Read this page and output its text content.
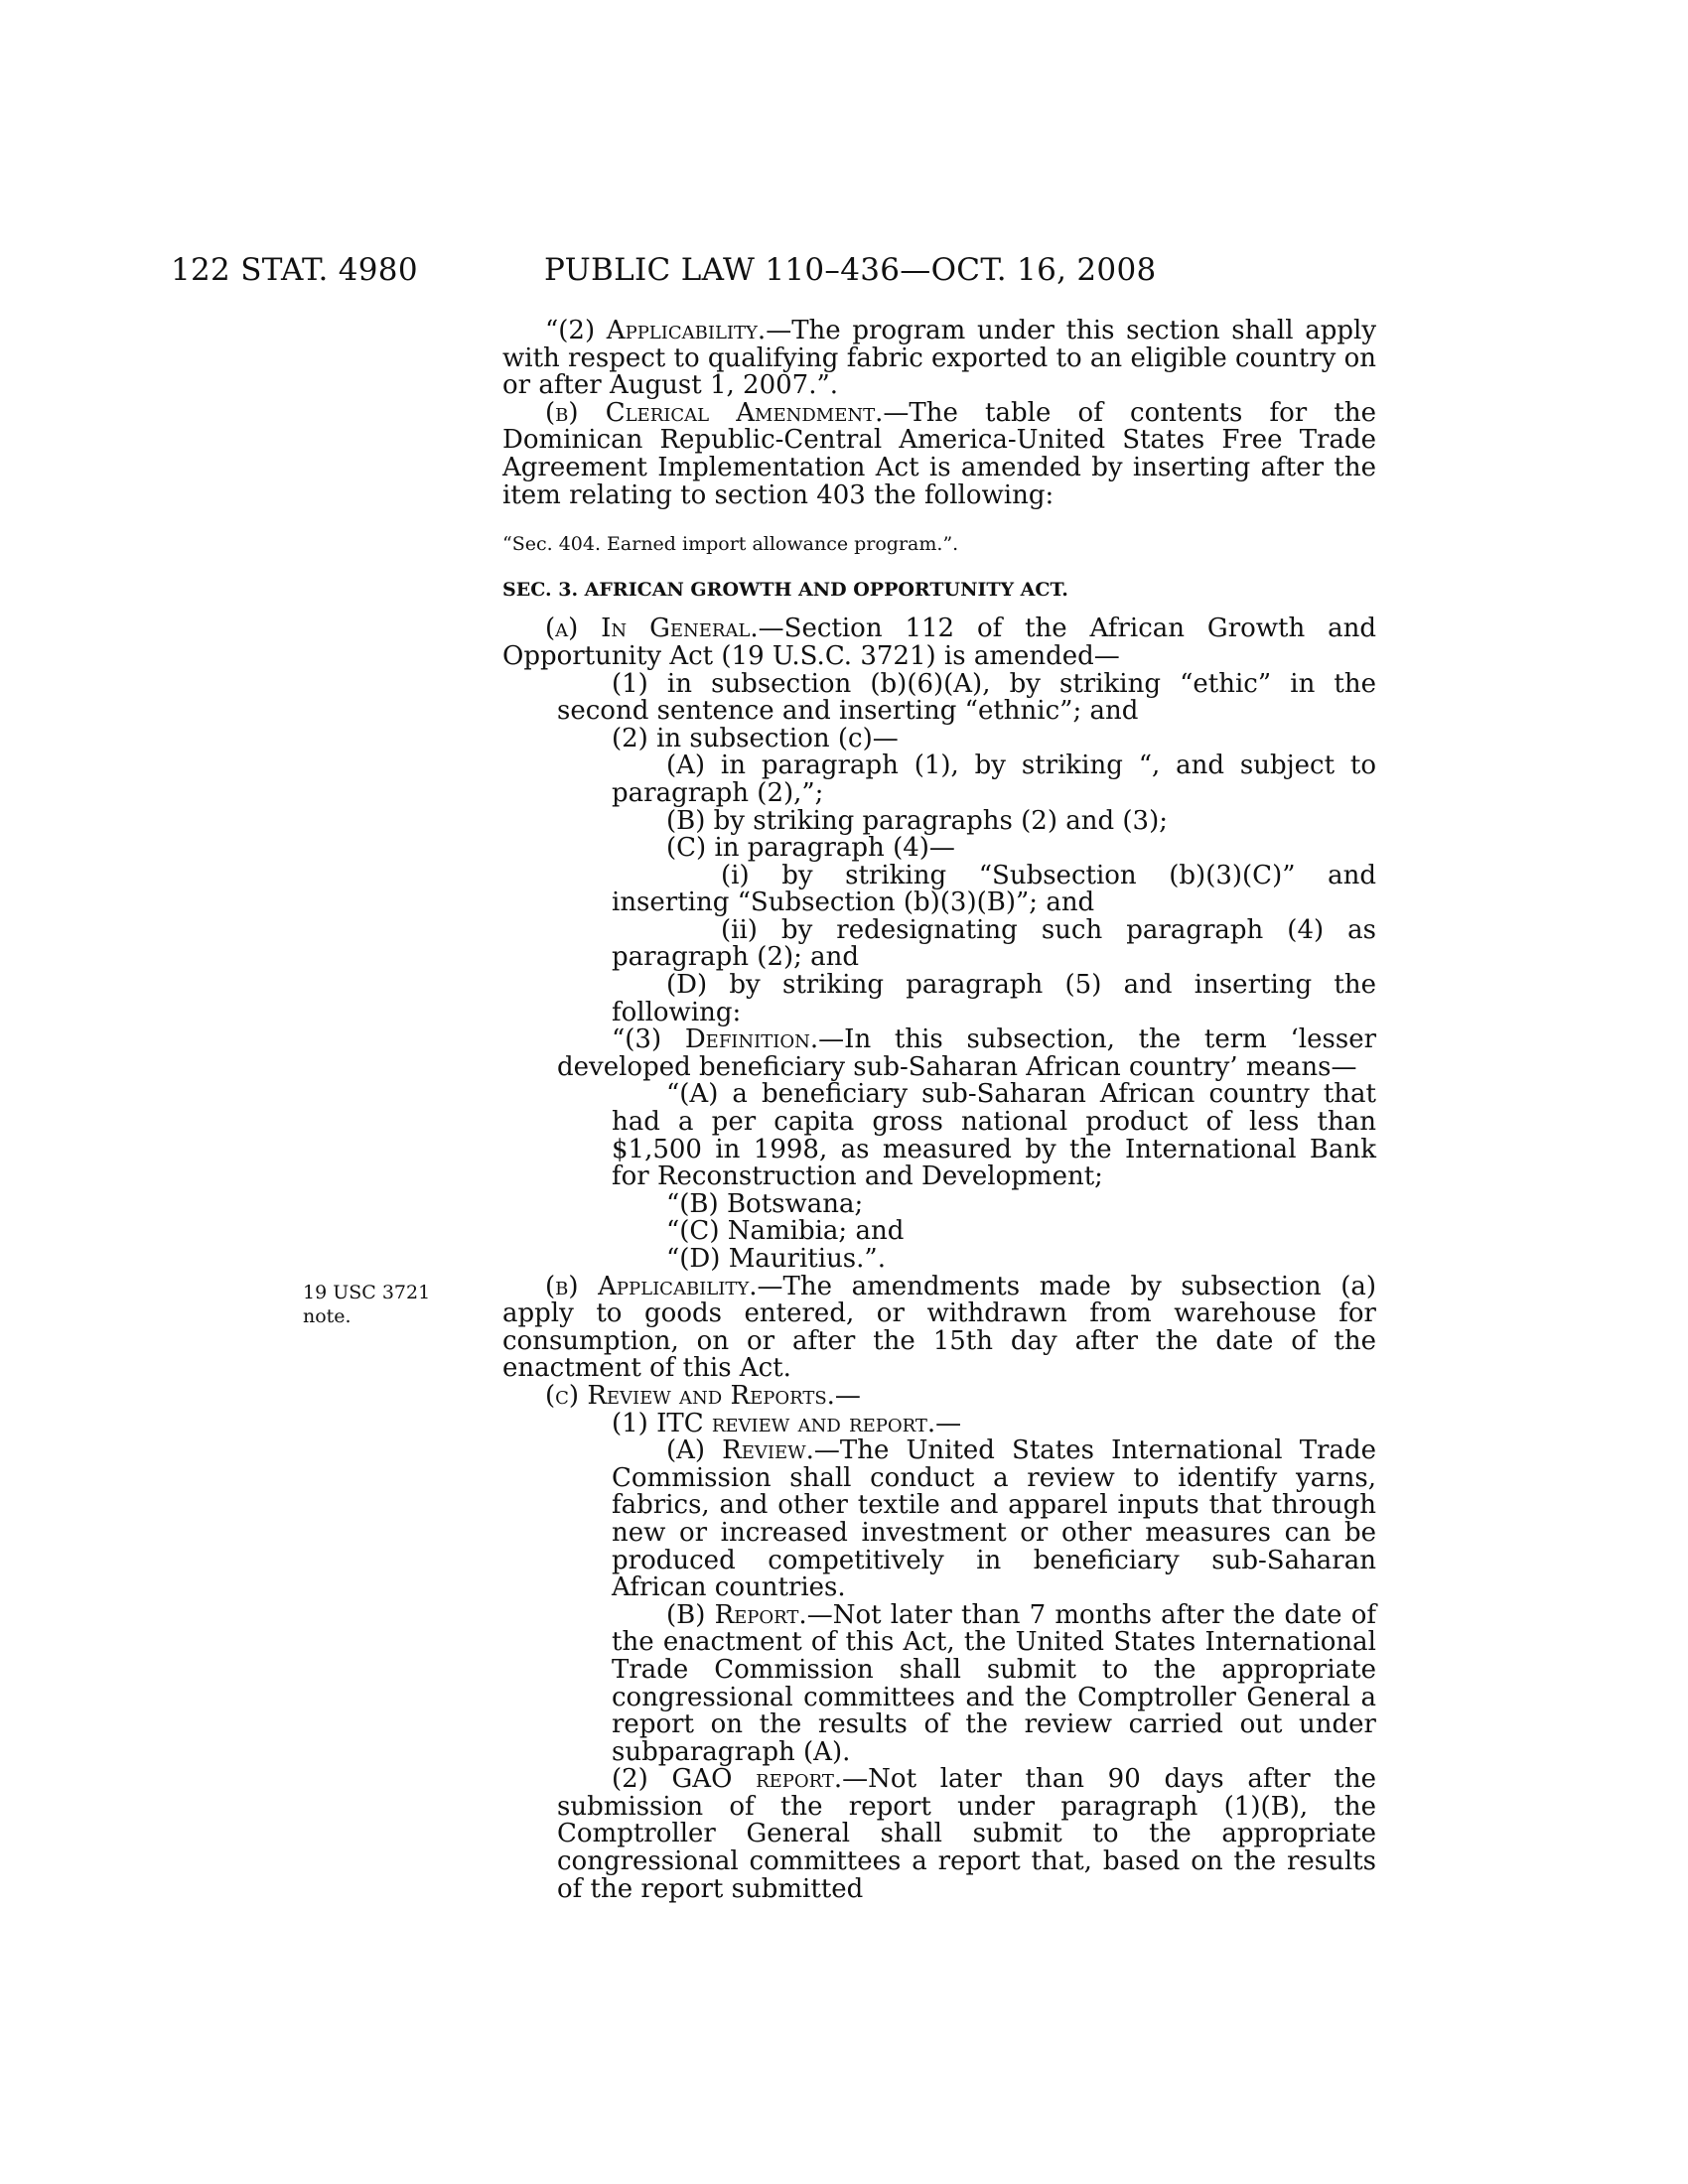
122 STAT. 4980	PUBLIC LAW 110–436—OCT. 16, 2008
19 USC 3721
note.

“(2) Applicability.—The program under this section shall apply with respect to qualifying fabric exported to an eligible country on or after August 1, 2007.”.

(b) Clerical Amendment.—The table of contents for the Dominican Republic-Central America-United States Free Trade Agreement Implementation Act is amended by inserting after the item relating to section 403 the following:

“Sec. 404. Earned import allowance program.”.

SEC. 3. AFRICAN GROWTH AND OPPORTUNITY ACT.

(a) In General.—Section 112 of the African Growth and Opportunity Act (19 U.S.C. 3721) is amended—

(1) in subsection (b)(6)(A), by striking “ethic” in the second sentence and inserting “ethnic”; and

(2) in subsection (c)—

(A) in paragraph (1), by striking “, and subject to paragraph (2),”;

(B) by striking paragraphs (2) and (3);

(C) in paragraph (4)—

(i) by striking “Subsection (b)(3)(C)” and inserting “Subsection (b)(3)(B)”; and

(ii) by redesignating such paragraph (4) as paragraph (2); and

(D) by striking paragraph (5) and inserting the following:

“(3) Definition.—In this subsection, the term ‘lesser developed beneficiary sub-Saharan African country’ means—

“(A) a beneficiary sub-Saharan African country that had a per capita gross national product of less than $1,500 in 1998, as measured by the International Bank for Reconstruction and Development;

“(B) Botswana;

“(C) Namibia; and

“(D) Mauritius.”.

(b) Applicability.—The amendments made by subsection (a) apply to goods entered, or withdrawn from warehouse for consumption, on or after the 15th day after the date of the enactment of this Act.

(c) Review and Reports.—

(1) ITC review and report.—

(A) Review.—The United States International Trade Commission shall conduct a review to identify yarns, fabrics, and other textile and apparel inputs that through new or increased investment or other measures can be produced competitively in beneficiary sub-Saharan African countries.

(B) Report.—Not later than 7 months after the date of the enactment of this Act, the United States International Trade Commission shall submit to the appropriate congressional committees and the Comptroller General a report on the results of the review carried out under subparagraph (A).

(2) GAO report.—Not later than 90 days after the submission of the report under paragraph (1)(B), the Comptroller General shall submit to the appropriate congressional committees a report that, based on the results of the report submitted
